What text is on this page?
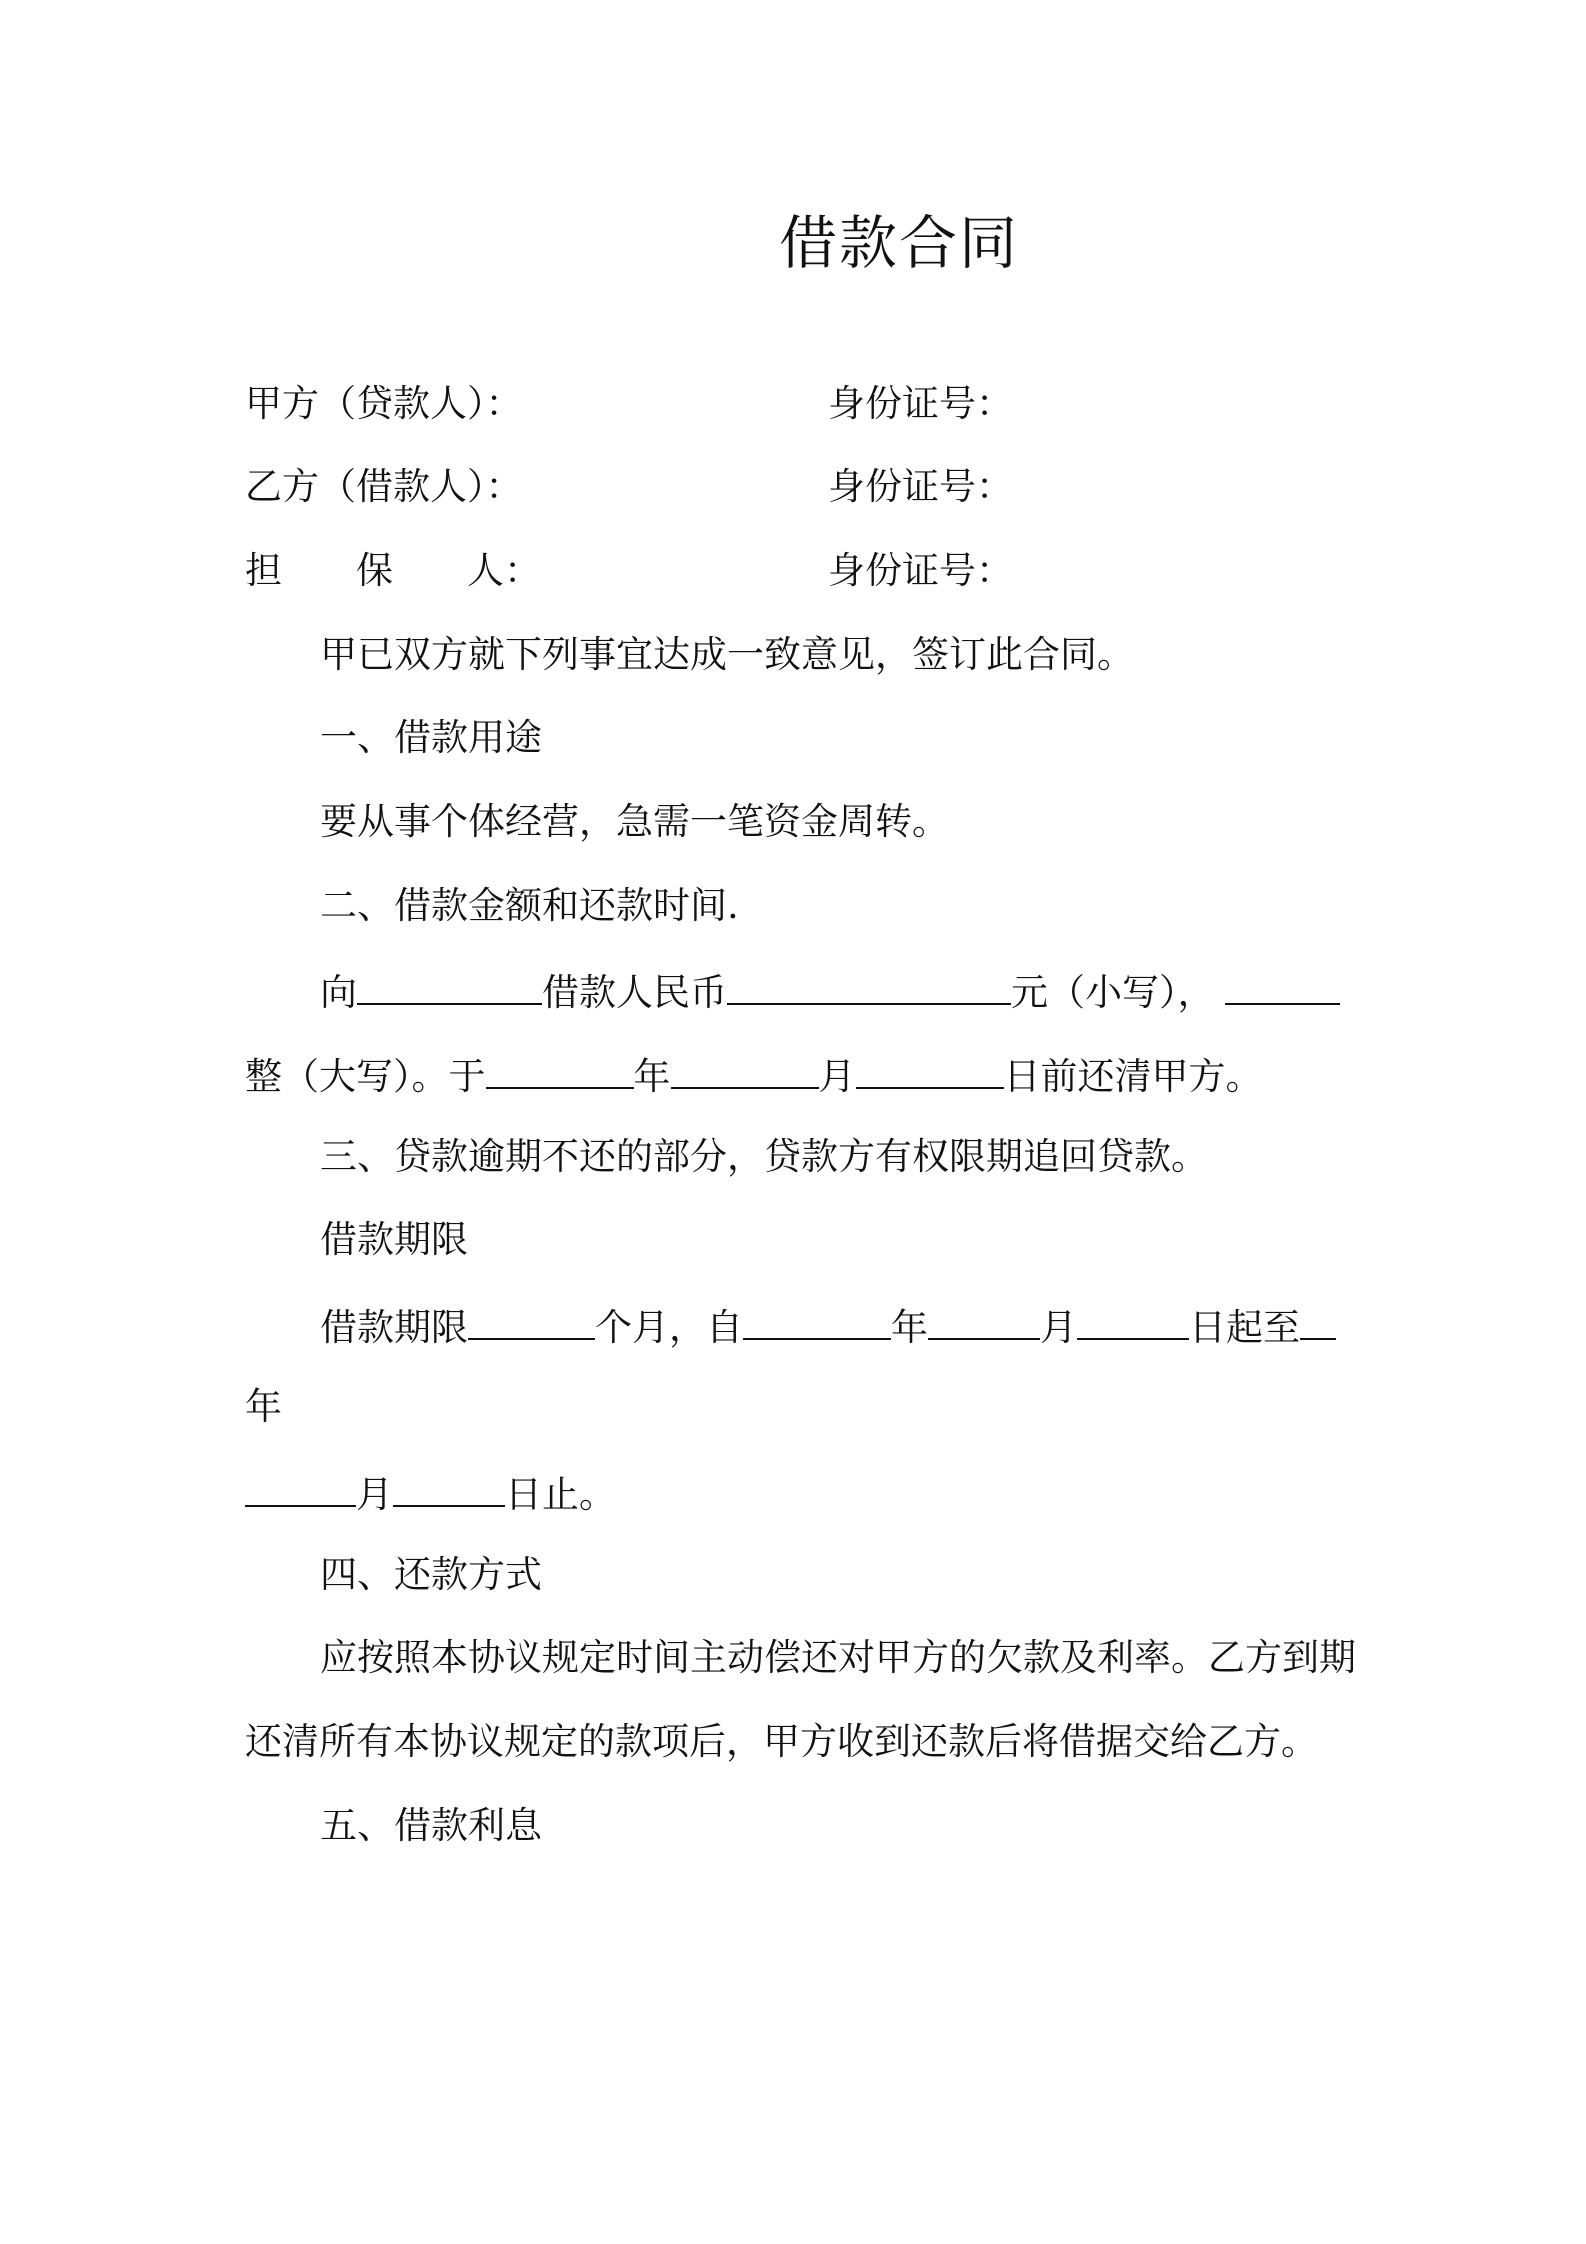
借款合同
甲方（贷款人）：	身份证号：
乙方（借款人）：	身份证号：
担 保 人：	身份证号：
甲已双方就下列事宜达成一致意见，签订此合同。
一、借款用途
要从事个体经营，急需一笔资金周转。
二、借款金额和还款时间.
向	借款人民币	元（小写），
整（大写）。于	年	月	日前还清甲方。
三、贷款逾期不还的部分，贷款方有权限期追回贷款。
借款期限
借款期限	个月，自	年	月	日起至
年
月	日止。
四、还款方式
应按照本协议规定时间主动偿还对甲方的欠款及利率。乙方到期
还清所有本协议规定的款项后，甲方收到还款后将借据交给乙方。
五、借款利息
